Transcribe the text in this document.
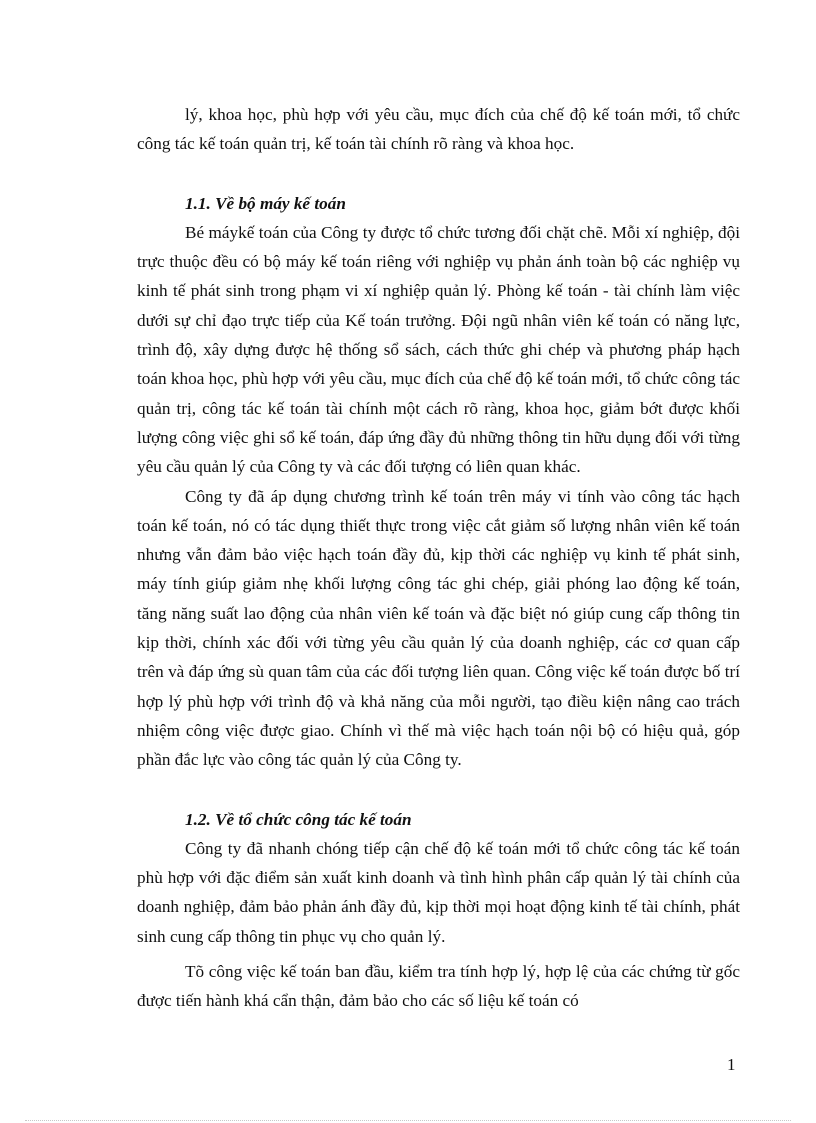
lý, khoa học, phù hợp với yêu cầu, mục đích của chế độ kế toán mới, tổ chức công tác kế toán quản trị, kế toán tài chính rõ ràng và khoa học.

1.1. Về bộ máy kế toán

Bé máykế toán của Công ty được tổ chức tương đối chặt chẽ. Mỗi xí nghiệp, đội trực thuộc đều có bộ máy kế toán riêng với nghiệp vụ phản ánh toàn bộ các nghiệp vụ kinh tế phát sinh trong phạm vi xí nghiệp quản lý. Phòng kế toán - tài chính làm việc dưới sự chỉ đạo trực tiếp của Kế toán trưởng. Đội ngũ nhân viên kế toán có năng lực, trình độ, xây dựng được hệ thống sổ sách, cách thức ghi chép và phương pháp hạch toán khoa học, phù hợp với yêu cầu, mục đích của chế độ kế toán mới, tổ chức công tác quản trị, công tác kế toán tài chính một cách rõ ràng, khoa học, giảm bớt được khối lượng công việc ghi sổ kế toán, đáp ứng đầy đủ những thông tin hữu dụng đối với từng yêu cầu quản lý của Công ty và các đối tượng có liên quan khác.

Công ty đã áp dụng chương trình kế toán trên máy vi tính vào công tác hạch toán kế toán, nó có tác dụng thiết thực trong việc cắt giảm số lượng nhân viên kế toán nhưng vẫn đảm bảo việc hạch toán đầy đủ, kịp thời các nghiệp vụ kinh tế phát sinh, máy tính giúp giảm nhẹ khối lượng công tác ghi chép, giải phóng lao động kế toán, tăng năng suất lao động của nhân viên kế toán và đặc biệt nó giúp cung cấp thông tin kịp thời, chính xác đối với từng yêu cầu quản lý của doanh nghiệp, các cơ quan cấp trên và đáp ứng sù quan tâm của các đối tượng liên quan. Công việc kế toán được bố trí hợp lý phù hợp với trình độ và khả năng của mỗi người, tạo điều kiện nâng cao trách nhiệm công việc được giao. Chính vì thế mà việc hạch toán nội bộ có hiệu quả, góp phần đắc lực vào công tác quản lý của Công ty.

1.2. Về tổ chức công tác kế toán

Công ty đã nhanh chóng tiếp cận chế độ kế toán mới tổ chức công tác kế toán phù hợp với đặc điểm sản xuất kinh doanh và tình hình phân cấp quản lý tài chính của doanh nghiệp, đảm bảo phản ánh đầy đủ, kịp thời mọi hoạt động kinh tế tài chính, phát sinh cung cấp thông tin phục vụ cho quản lý.

Tõ công việc kế toán ban đầu, kiểm tra tính hợp lý, hợp lệ của các chứng từ gốc được tiến hành khá cẩn thận, đảm bảo cho các số liệu kế toán có

1
